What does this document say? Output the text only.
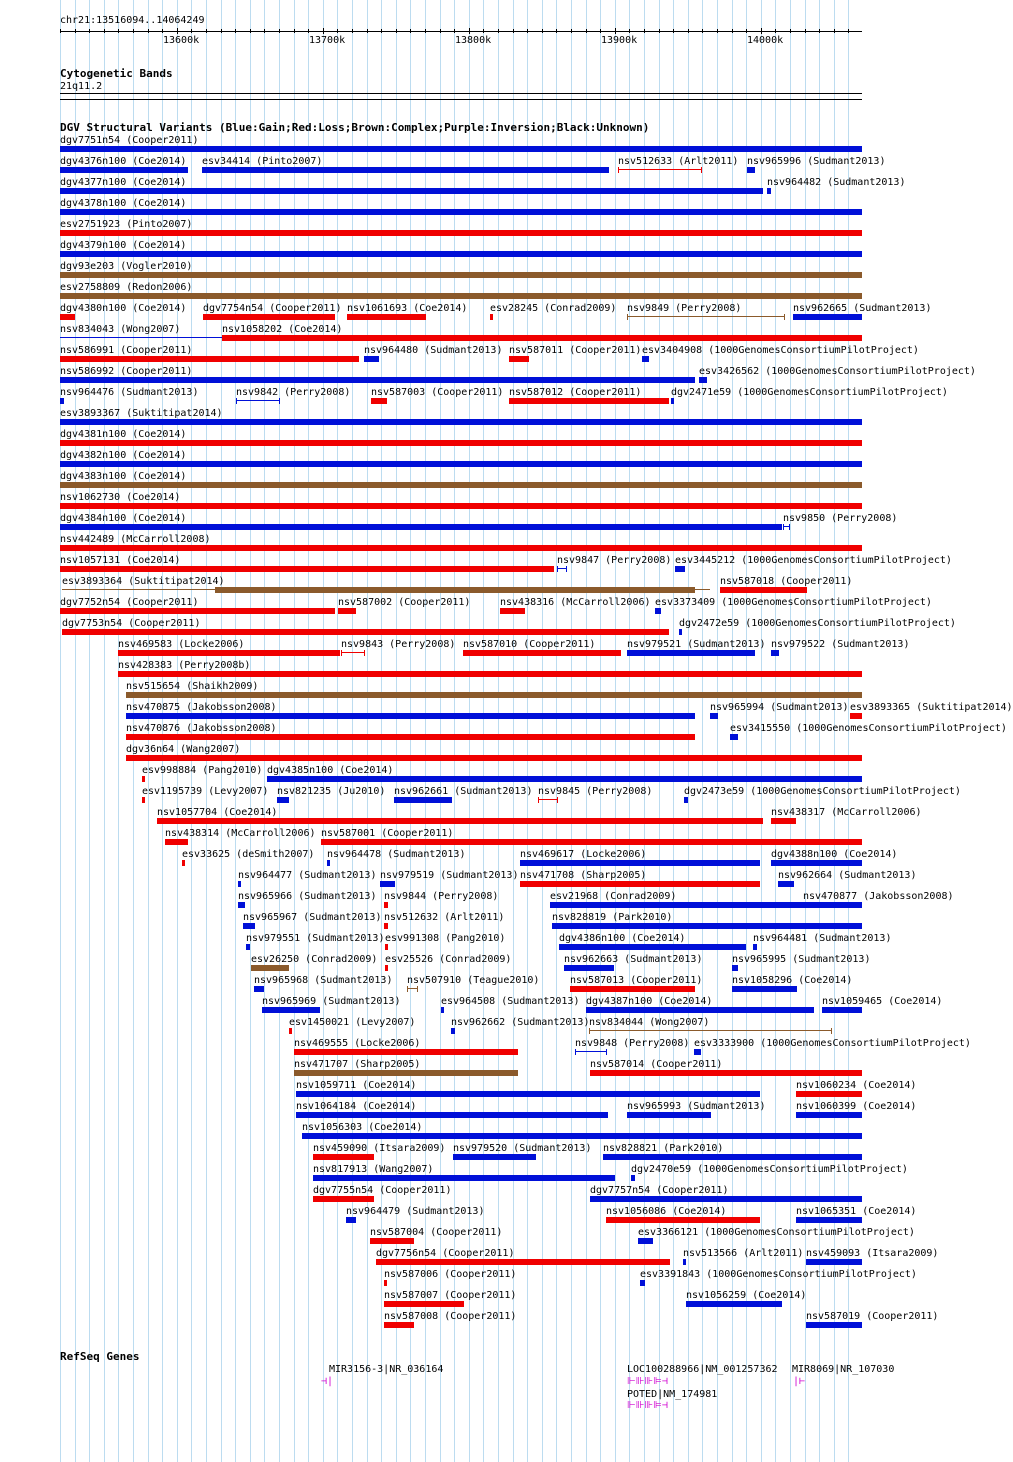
chr21:13516094..14064249
13600k	13700k	13800k	13900k	14000k
Cytogenetic Bands
21q11.2
DGV Structural Variants (Blue:Gain;Red:Loss;Brown:Complex;Purple:Inversion;Black:Unknown)
dgv7751n54 (Cooper2011)
dgv4376n100 (Coe2014) esv34414 (Pinto2007)	nsv512633 (Arlt2011) nsv965996 (Sudmant2013)
dgv4377n100 (Coe2014)	nsv964482 (Sudmant2013)
dgv4378n100 (Coe2014)
esv2751923 (Pinto2007)
dgv4379n100 (Coe2014)
dgv93e203 (Vogler2010)
esv2758809 (Redon2006)
dgv4380n100 (Coe2014) dgv7754n54 (Cooper2011) nsv1061693 (Coe2014) esv28245 (Conrad2009) nsv9849 (Perry2008)	nsv962665 (Sudmant2013)
nsv834043 (Wong2007)	nsv1058202 (Coe2014)
nsv586991 (Cooper2011)	nsv964480 (Sudmant2013) nsv587011 (Cooper2011) esv3404908 (1000GenomesConsortiumPilotProject)
nsv586992 (Cooper2011)	esv3426562 (1000GenomesConsortiumPilotProject)
nsv964476 (Sudmant2013)	nsv9842 (Perry2008) nsv587003 (Cooper2011) nsv587012 (Cooper2011)	dgv2471e59 (1000GenomesConsortiumPilotProject)
esv3893367 (Suktitipat2014)
dgv4381n100 (Coe2014)
dgv4382n100 (Coe2014)
dgv4383n100 (Coe2014)
nsv1062730 (Coe2014)
dgv4384n100 (Coe2014)	nsv9850 (Perry2008)
nsv442489 (McCarroll2008)
nsv1057131 (Coe2014)	nsv9847 (Perry2008) esv3445212 (1000GenomesConsortiumPilotProject)
esv3893364 (Suktitipat2014)	nsv587018 (Cooper2011)
dgv7752n54 (Cooper2011)	nsv587002 (Cooper2011)	nsv438316 (McCarroll2006) esv3373409 (1000GenomesConsortiumPilotProject)
dgv7753n54 (Cooper2011)	dgv2472e59 (1000GenomesConsortiumPilotProject)
nsv469583 (Locke2006)	nsv9843 (Perry2008) nsv587010 (Cooper2011)	nsv979521 (Sudmant2013) nsv979522 (Sudmant2013)
nsv428383 (Perry2008b)
nsv515654 (Shaikh2009)
nsv470875 (Jakobsson2008)	nsv965994 (Sudmant2013) esv3893365 (Suktitipat2014)
nsv470876 (Jakobsson2008)	esv3415550 (1000GenomesConsortiumPilotProject)
dgv36n64 (Wang2007)
esv998884 (Pang2010) dgv4385n100 (Coe2014)
esv1195739 (Levy2007) nsv821235 (Ju2010) nsv962661 (Sudmant2013) nsv9845 (Perry2008)	dgv2473e59 (1000GenomesConsortiumPilotProject)
nsv1057704 (Coe2014)	nsv438317 (McCarroll2006)
nsv438314 (McCarroll2006) nsv587001 (Cooper2011)
esv33625 (deSmith2007) nsv964478 (Sudmant2013)	nsv469617 (Locke2006)	dgv4388n100 (Coe2014)
nsv964477 (Sudmant2013) nsv979519 (Sudmant2013) nsv471708 (Sharp2005)	nsv962664 (Sudmant2013)
nsv965966 (Sudmant2013) nsv9844 (Perry2008)	esv21968 (Conrad2009)	nsv470877 (Jakobsson2008)
nsv965967 (Sudmant2013) nsv512632 (Arlt2011)	nsv828819 (Park2010)
nsv979551 (Sudmant2013) esv991308 (Pang2010)	dgv4386n100 (Coe2014)	nsv964481 (Sudmant2013)
esv26250 (Conrad2009) esv25526 (Conrad2009)	nsv962663 (Sudmant2013)	nsv965995 (Sudmant2013)
nsv965968 (Sudmant2013) nsv507910 (Teague2010)	nsv587013 (Cooper2011)	nsv1058296 (Coe2014)
nsv965969 (Sudmant2013)	esv964508 (Sudmant2013) dgv4387n100 (Coe2014)	nsv1059465 (Coe2014)
esv1450021 (Levy2007)	nsv962662 (Sudmant2013) nsv834044 (Wong2007)
nsv469555 (Locke2006)	nsv9848 (Perry2008) esv3333900 (1000GenomesConsortiumPilotProject)
nsv471707 (Sharp2005)	nsv587014 (Cooper2011)
nsv1059711 (Coe2014)	nsv1060234 (Coe2014)
nsv1064184 (Coe2014)	nsv965993 (Sudmant2013)	nsv1060399 (Coe2014)
nsv1056303 (Coe2014)
nsv459090 (Itsara2009) nsv979520 (Sudmant2013) nsv828821 (Park2010)
nsv817913 (Wang2007)	dgv2470e59 (1000GenomesConsortiumPilotProject)
dgv7755n54 (Cooper2011)	dgv7757n54 (Cooper2011)
nsv964479 (Sudmant2013)	nsv1056086 (Coe2014)	nsv1065351 (Coe2014)
nsv587004 (Cooper2011)	esv3366121 (1000GenomesConsortiumPilotProject)
dgv7756n54 (Cooper2011)	nsv513566 (Arlt2011) nsv459093 (Itsara2009)
nsv587006 (Cooper2011)	esv3391843 (1000GenomesConsortiumPilotProject)
nsv587007 (Cooper2011)	nsv1056259 (Coe2014)
nsv587008 (Cooper2011)	nsv587019 (Cooper2011)
RefSeq Genes
MIR3156-3|NR_036164
⊣|
LOC100288966|NM_001257362
⊩⊪⊪⊫⊣
POTED|NM_174981
⊩⊪⊪⊫⊣
MIR8069|NR_107030
|⊢
